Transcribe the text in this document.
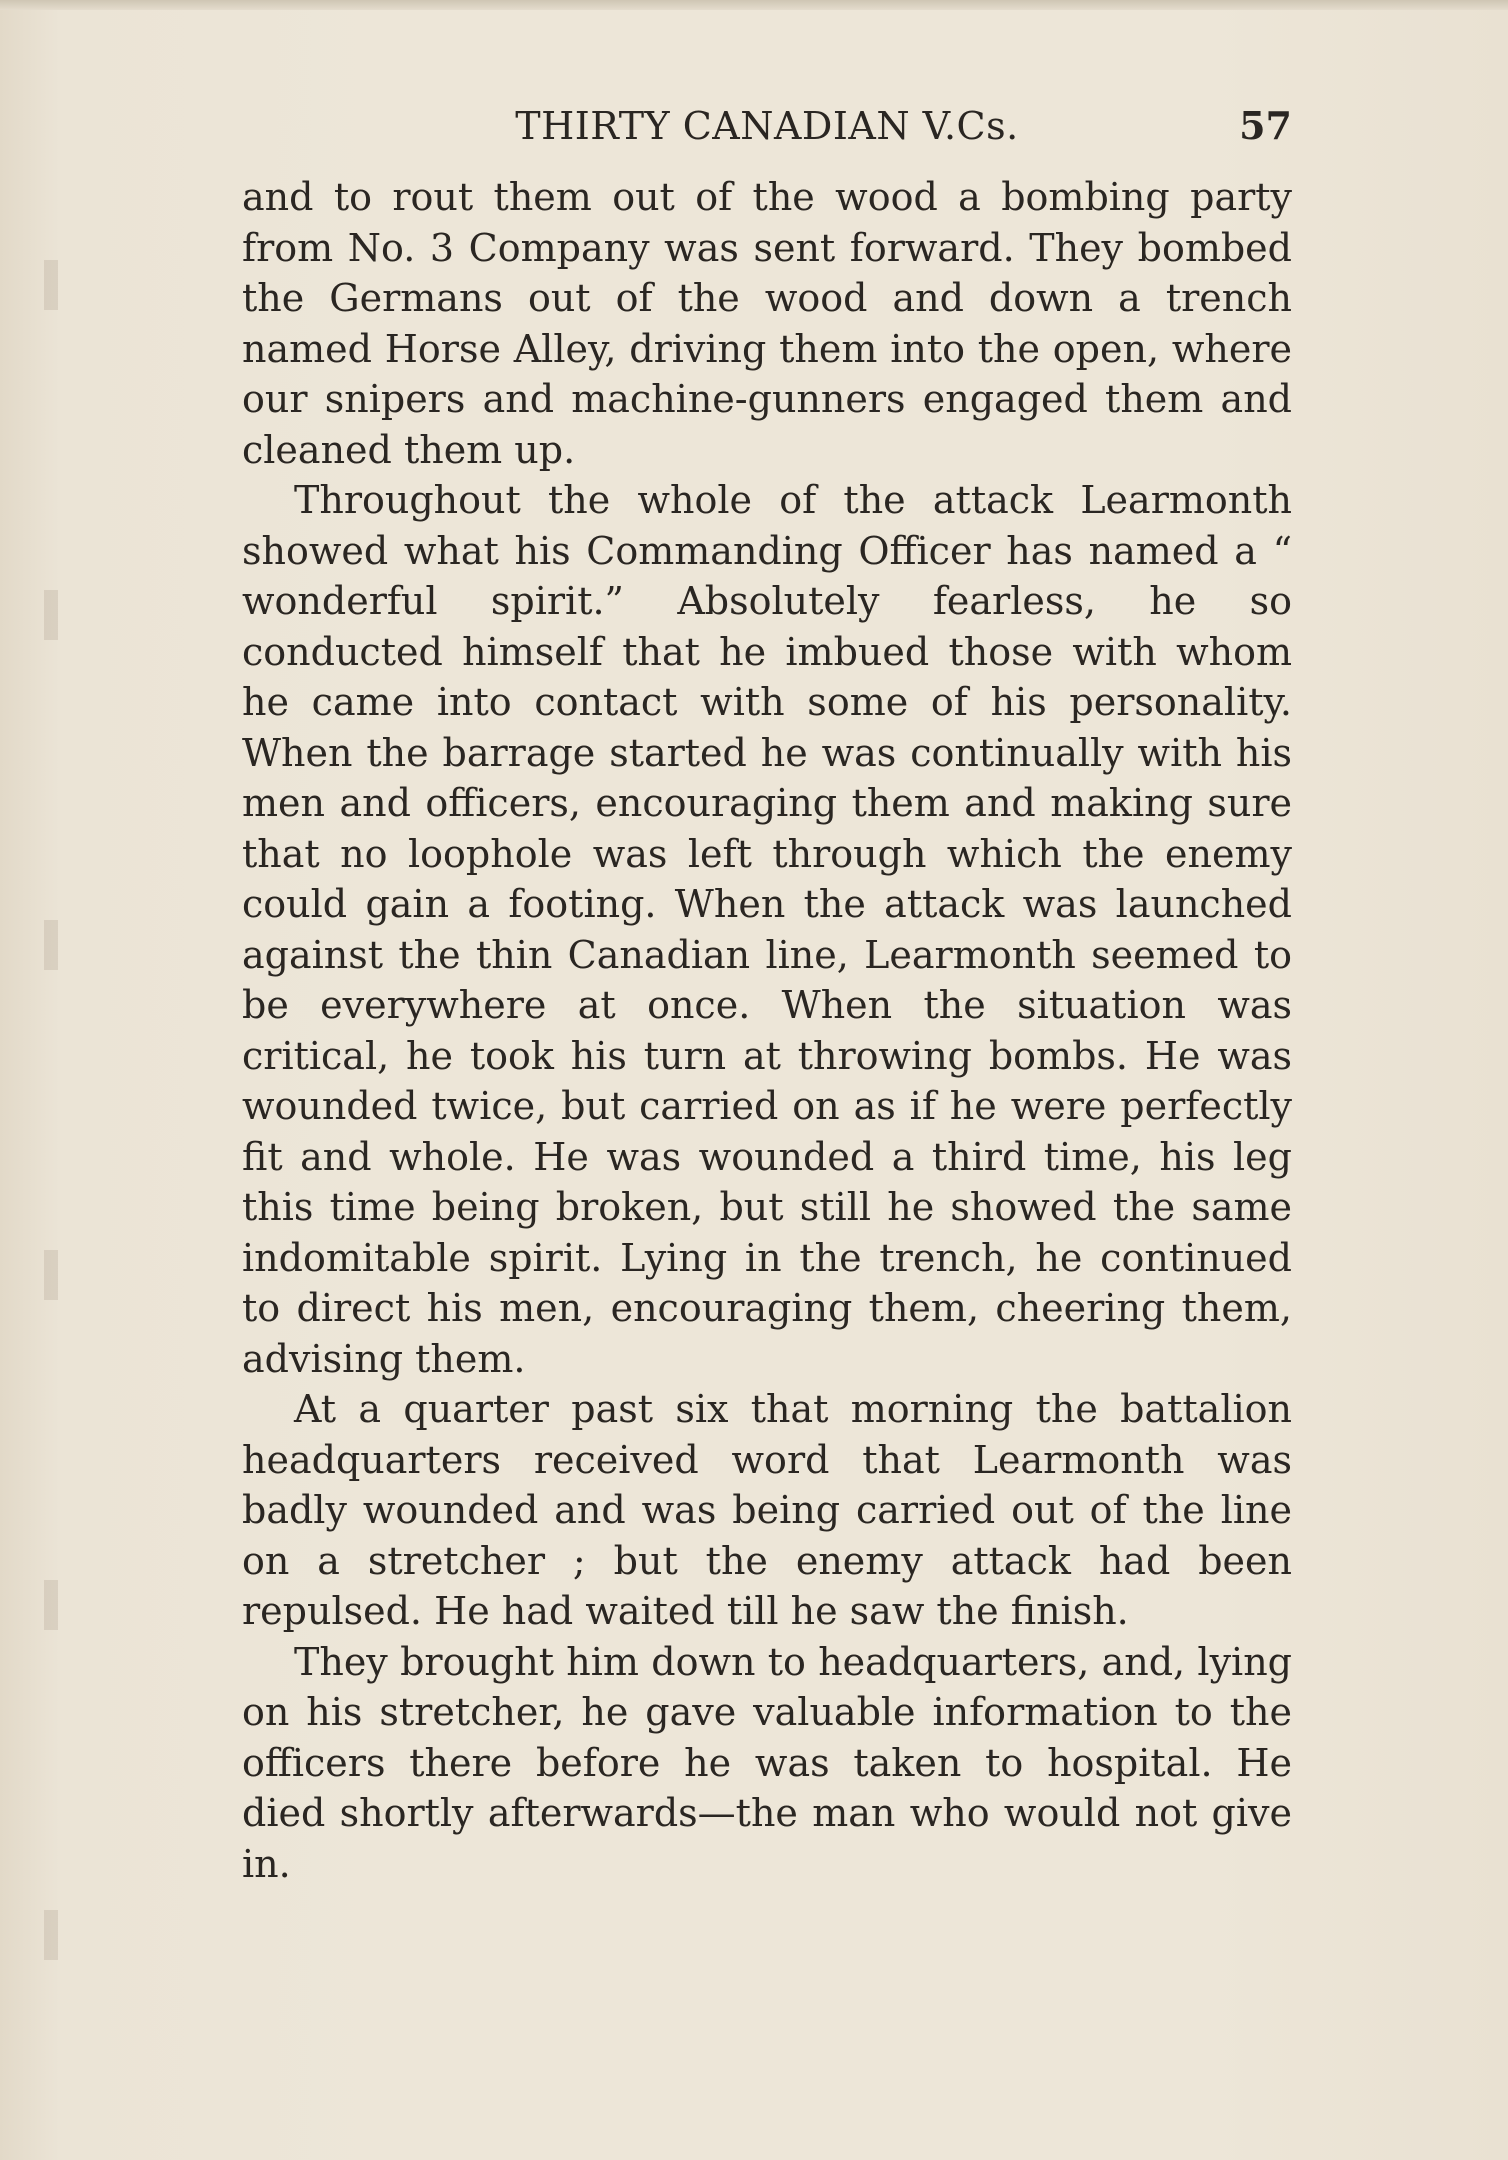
THIRTY CANADIAN V.Cs.	57

and to rout them out of the wood a bombing party from No. 3 Company was sent forward. They bombed the Germans out of the wood and down a trench named Horse Alley, driving them into the open, where our snipers and machine-gunners engaged them and cleaned them up.

Throughout the whole of the attack Learmonth showed what his Commanding Officer has named a “ wonderful spirit.” Absolutely fearless, he so conducted himself that he imbued those with whom he came into contact with some of his personality. When the barrage started he was continually with his men and officers, encouraging them and making sure that no loophole was left through which the enemy could gain a footing. When the attack was launched against the thin Canadian line, Learmonth seemed to be everywhere at once. When the situation was critical, he took his turn at throwing bombs. He was wounded twice, but carried on as if he were perfectly fit and whole. He was wounded a third time, his leg this time being broken, but still he showed the same indomitable spirit. Lying in the trench, he continued to direct his men, encouraging them, cheering them, advising them.

At a quarter past six that morning the battalion headquarters received word that Learmonth was badly wounded and was being carried out of the line on a stretcher ; but the enemy attack had been repulsed. He had waited till he saw the finish.

They brought him down to headquarters, and, lying on his stretcher, he gave valuable information to the officers there before he was taken to hospital. He died shortly afterwards—the man who would not give in.
